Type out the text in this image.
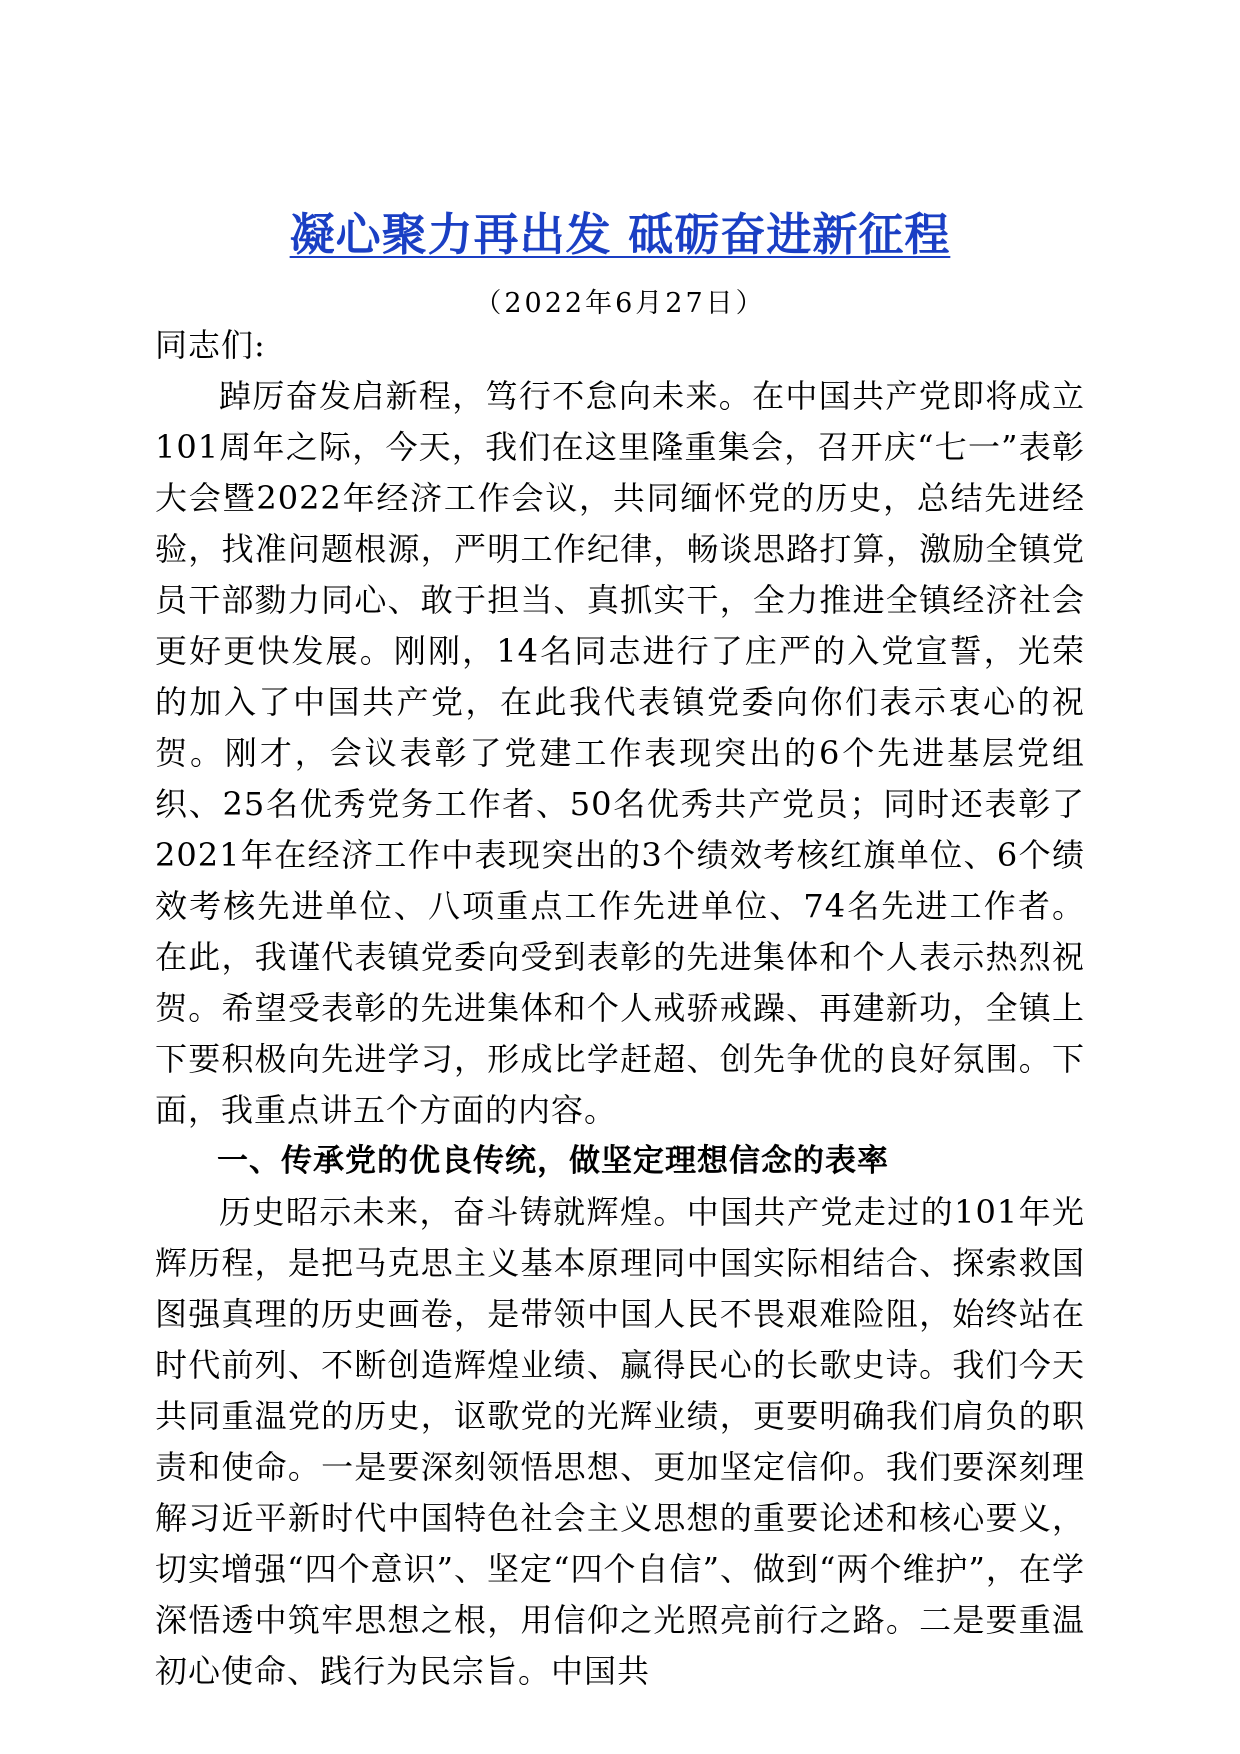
凝心聚力再出发 砥砺奋进新征程
（2022年6月27日）

同志们:

踔厉奋发启新程，笃行不怠向未来。在中国共产党即将成立101周年之际，今天，我们在这里隆重集会，召开庆“七一”表彰大会暨2022年经济工作会议，共同缅怀党的历史，总结先进经验，找准问题根源，严明工作纪律，畅谈思路打算，激励全镇党员干部勠力同心、敢于担当、真抓实干，全力推进全镇经济社会更好更快发展。刚刚，14名同志进行了庄严的入党宣誓，光荣的加入了中国共产党，在此我代表镇党委向你们表示衷心的祝贺。刚才，会议表彰了党建工作表现突出的6个先进基层党组织、25名优秀党务工作者、50名优秀共产党员；同时还表彰了2021年在经济工作中表现突出的3个绩效考核红旗单位、6个绩效考核先进单位、八项重点工作先进单位、74名先进工作者。在此，我谨代表镇党委向受到表彰的先进集体和个人表示热烈祝贺。希望受表彰的先进集体和个人戒骄戒躁、再建新功，全镇上下要积极向先进学习，形成比学赶超、创先争优的良好氛围。下面，我重点讲五个方面的内容。

一、传承党的优良传统，做坚定理想信念的表率

历史昭示未来，奋斗铸就辉煌。中国共产党走过的101年光辉历程，是把马克思主义基本原理同中国实际相结合、探索救国图强真理的历史画卷，是带领中国人民不畏艰难险阻，始终站在时代前列、不断创造辉煌业绩、赢得民心的长歌史诗。我们今天共同重温党的历史，讴歌党的光辉业绩，更要明确我们肩负的职责和使命。一是要深刻领悟思想、更加坚定信仰。我们要深刻理解习近平新时代中国特色社会主义思想的重要论述和核心要义，切实增强“四个意识”、坚定“四个自信”、做到“两个维护”，在学深悟透中筑牢思想之根，用信仰之光照亮前行之路。二是要重温初心使命、践行为民宗旨。中国共
